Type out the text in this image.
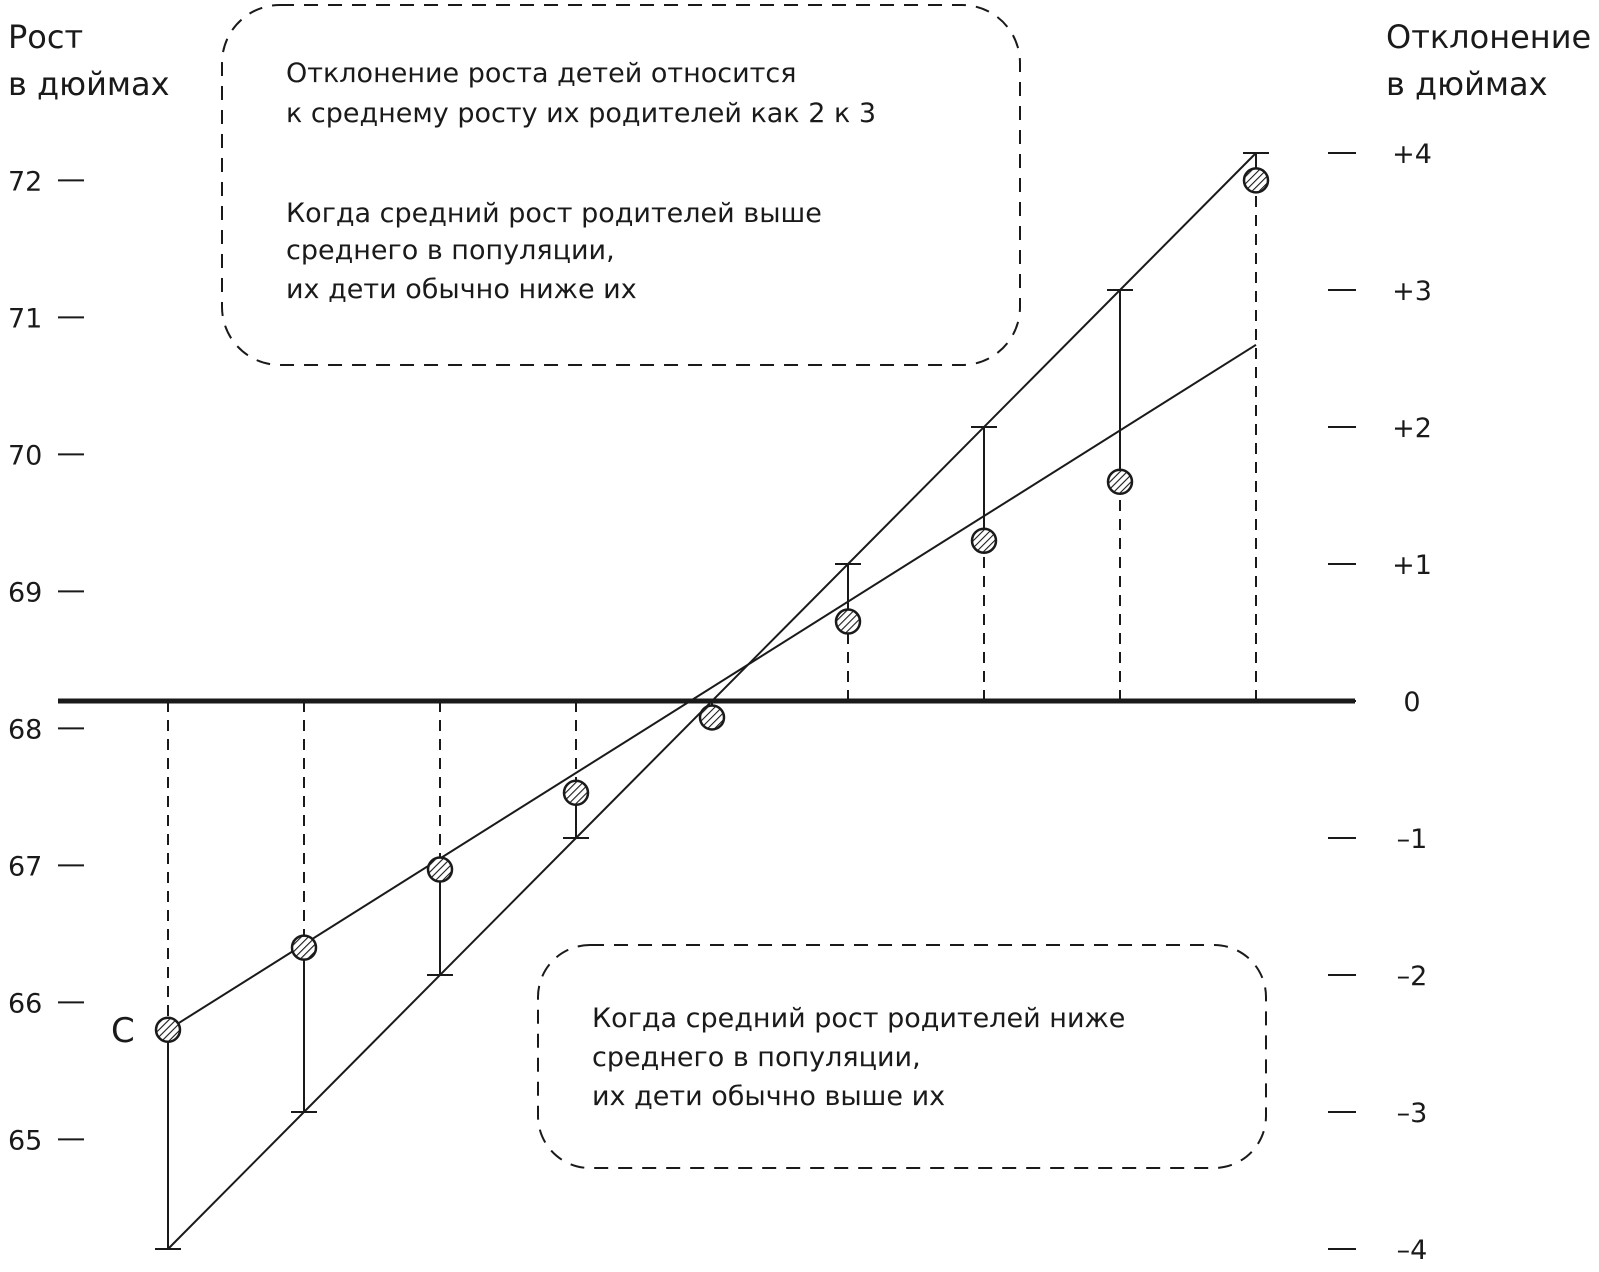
Рост
в дюймах
Отклонение
в дюймах
Отклонение роста детей относится
к среднему росту их родителей как 2 к 3
Когда средний рост родителей выше
среднего в популяции,
их дети обычно ниже их
Когда средний рост родителей ниже
среднего в популяции,
их дети обычно выше их
72
71
70
69
68
67
66
65
+4
+3
+2
+1
0
–1
–2
–3
–4
C
